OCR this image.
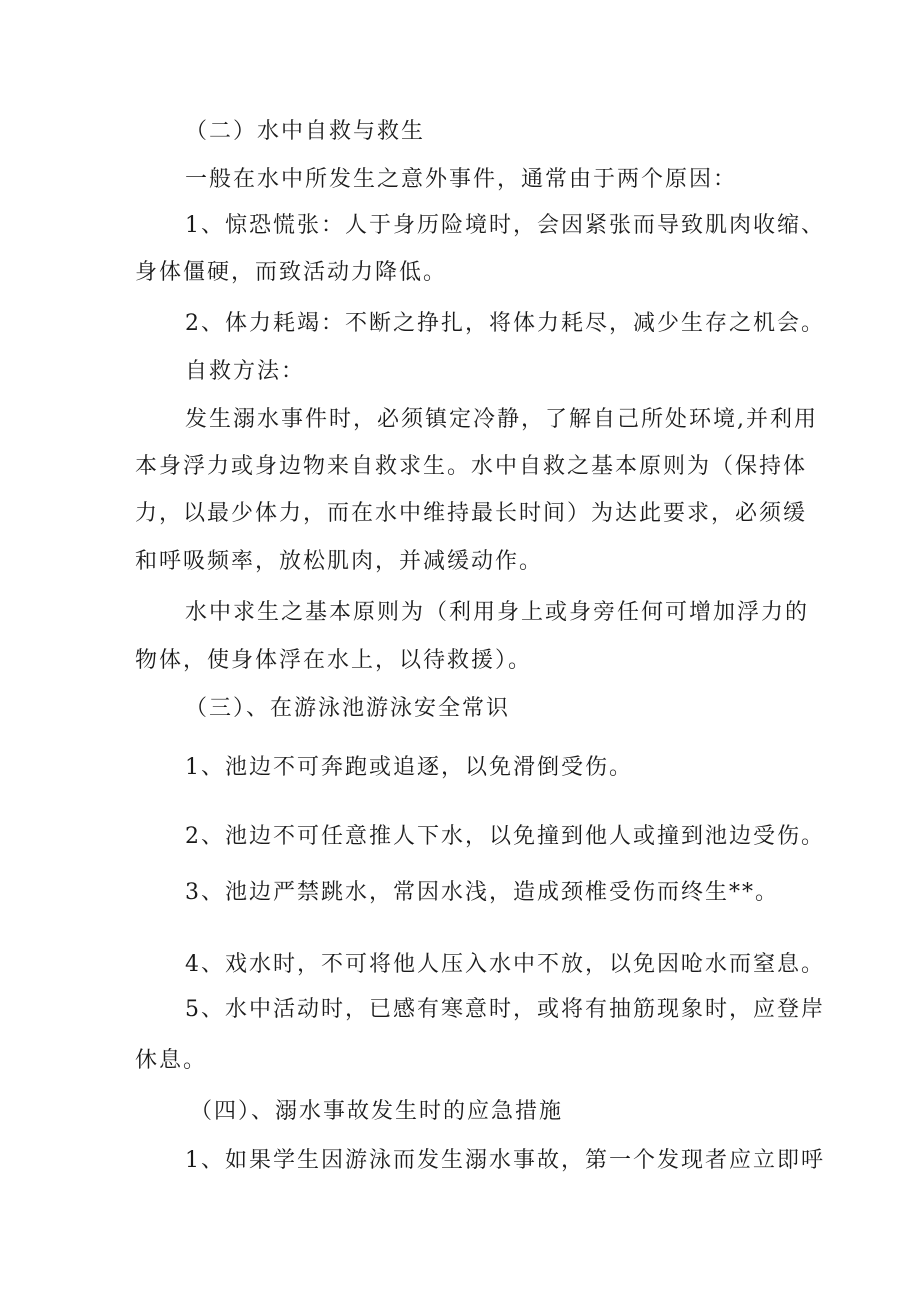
（二）水中自救与救生

一般在水中所发生之意外事件，通常由于两个原因：

1、惊恐慌张：人于身历险境时，会因紧张而导致肌肉收缩、

身体僵硬，而致活动力降低。

2、体力耗竭：不断之挣扎，将体力耗尽，减少生存之机会。

自救方法：

发生溺水事件时，必须镇定冷静，了解自己所处环境,并利用

本身浮力或身边物来自救求生。水中自救之基本原则为（保持体

力，以最少体力，而在水中维持最长时间）为达此要求，必须缓

和呼吸频率，放松肌肉，并减缓动作。

水中求生之基本原则为（利用身上或身旁任何可增加浮力的

物体，使身体浮在水上，以待救援）。

（三）、在游泳池游泳安全常识

1、池边不可奔跑或追逐，以免滑倒受伤。

2、池边不可任意推人下水，以免撞到他人或撞到池边受伤。

3、池边严禁跳水，常因水浅，造成颈椎受伤而终生**。

4、戏水时，不可将他人压入水中不放，以免因呛水而窒息。

5、水中活动时，已感有寒意时，或将有抽筋现象时，应登岸

休息。

（四）、溺水事故发生时的应急措施

1、如果学生因游泳而发生溺水事故，第一个发现者应立即呼
